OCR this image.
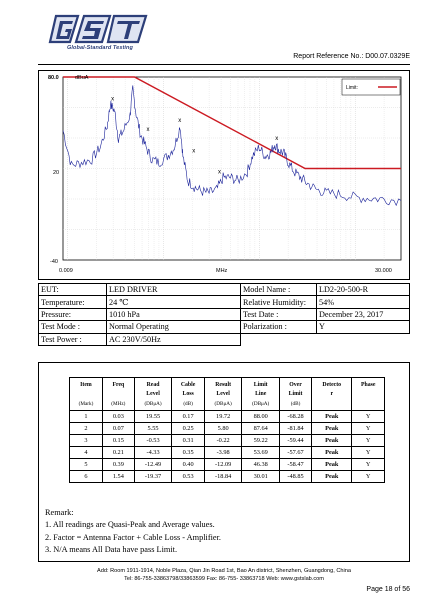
Global-Standard Testing
Report Reference No.: D00.07.0329E
x
x
x
x
x
x
80.0	dBuA
20
-40
0.009	MHz	30.000
Limit:
EUT:	LED DRIVER	Model Name :	LD2-20-500-R
Temperature:	24 ℃	Relative Humidity:	54%
Pressure:	1010 hPa	Test Date :	December 23, 2017
Test Mode :	Normal Operating	Polarization :	Y
Test Power :	AC 230V/50Hz		
Item	Freq	Read	Cable	Result	Limit	Over	Detecto	Phase
		Level	Loss	Level	Line	Limit	r	
(Mark)	(MHz)	(DBμA)	(dB)	(DBμA)	(DBμA)	(dB)		
1	0.03	19.55	0.17	19.72	88.00	-68.28	Peak	Y
2	0.07	5.55	0.25	5.80	87.64	-81.84	Peak	Y
3	0.15	-0.53	0.31	-0.22	59.22	-59.44	Peak	Y
4	0.21	-4.33	0.35	-3.98	53.69	-57.67	Peak	Y
5	0.39	-12.49	0.40	-12.09	46.38	-58.47	Peak	Y
6	1.54	-19.37	0.53	-18.84	30.01	-48.85	Peak	Y
Remark:
1. All readings are Quasi-Peak and Average values.
2. Factor = Antenna Factor + Cable Loss - Amplifier.
3. N/A means All Data have pass Limit.
Add: Room 1911-1914, Noble Plaza, Qian Jin Road 1st, Bao An district, Shenzhen, Guangdong, China
Tel: 86-755-33863798/33863599 Fax: 86-755- 33863718 Web: www.gstslab.com
Page 18 of 56
